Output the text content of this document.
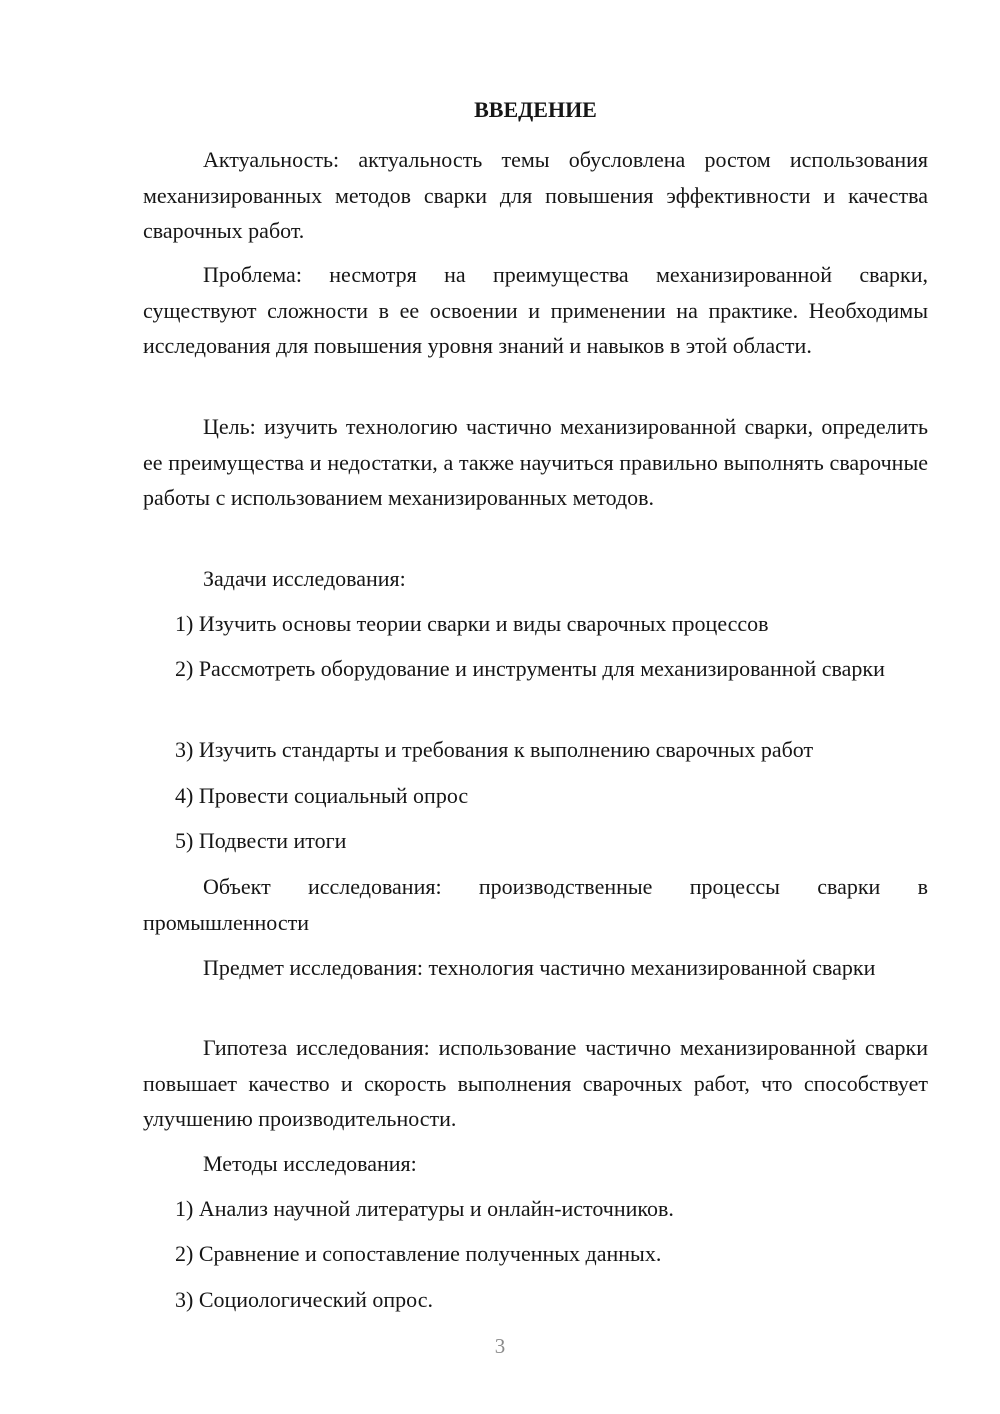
ВВЕДЕНИЕ

Актуальность: актуальность темы обусловлена ростом использования механизированных методов сварки для повышения эффективности и качества сварочных работ.

Проблема: несмотря на преимущества механизированной сварки, существуют сложности в ее освоении и применении на практике. Необходимы исследования для повышения уровня знаний и навыков в этой области.

Цель: изучить технологию частично механизированной сварки, определить ее преимущества и недостатки, а также научиться правильно выполнять сварочные работы с использованием механизированных методов.

Задачи исследования:

1) Изучить основы теории сварки и виды сварочных процессов

2) Рассмотреть оборудование и инструменты для механизированной сварки

3) Изучить стандарты и требования к выполнению сварочных работ

4) Провести социальный опрос

5) Подвести итоги

Объект исследования: производственные процессы сварки в промышленности

Предмет исследования: технология частично механизированной сварки

Гипотеза исследования: использование частично механизированной сварки повышает качество и скорость выполнения сварочных работ, что способствует улучшению производительности.

Методы исследования:

1) Анализ научной литературы и онлайн-источников.

2) Сравнение и сопоставление полученных данных.

3) Социологический опрос.

3
